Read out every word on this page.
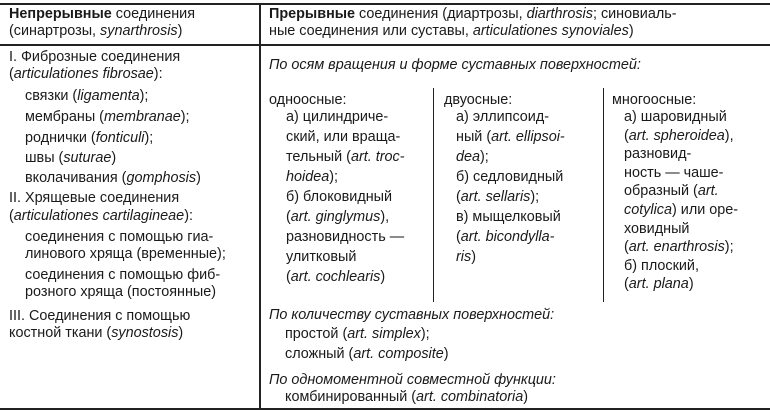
Непрерывные соединения
(синартрозы, synarthrosis)
I. Фиброзные соединения
(articulationes fibrosae):
связки (ligamenta);
мембраны (membranae);
роднички (fonticuli);
швы (suturae)
вколачивания (gomphosis)
II. Хрящевые соединения
(articulationes cartilagineae):
соединения с помощью гиа-
линового хряща (временные);
соединения с помощью фиб-
розного хряща (постоянные)
III. Соединения с помощью
костной ткани (synostosis)
Прерывные соединения (диартрозы, diarthrosis; синовиаль-
ные соединения или суставы, articulationes synoviales)
По осям вращения и форме суставных поверхностей:
одноосные:
а) цилиндриче-
ский, или враща-
тельный (art. troc-
hoidea);
б) блоковидный
(art. ginglymus),
разновидность —
улитковый
(art. cochlearis)
двуосные:
а) эллипсоид-
ный (art. ellipsoi-
dea);
б) седловидный
(art. sellaris);
в) мыщелковый
(art. bicondylla-
ris)
многоосные:
а) шаровидный
(art. spheroidea),
разновид-
ность — чаше-
образный (art.
cotylica) или оре-
ховидный
(art. enarthrosis);
б) плоский,
(art. plana)
По количеству суставных поверхностей:
простой (art. simplex);
сложный (art. composite)
По одномоментной совместной функции:
комбинированный (art. combinatoria)
